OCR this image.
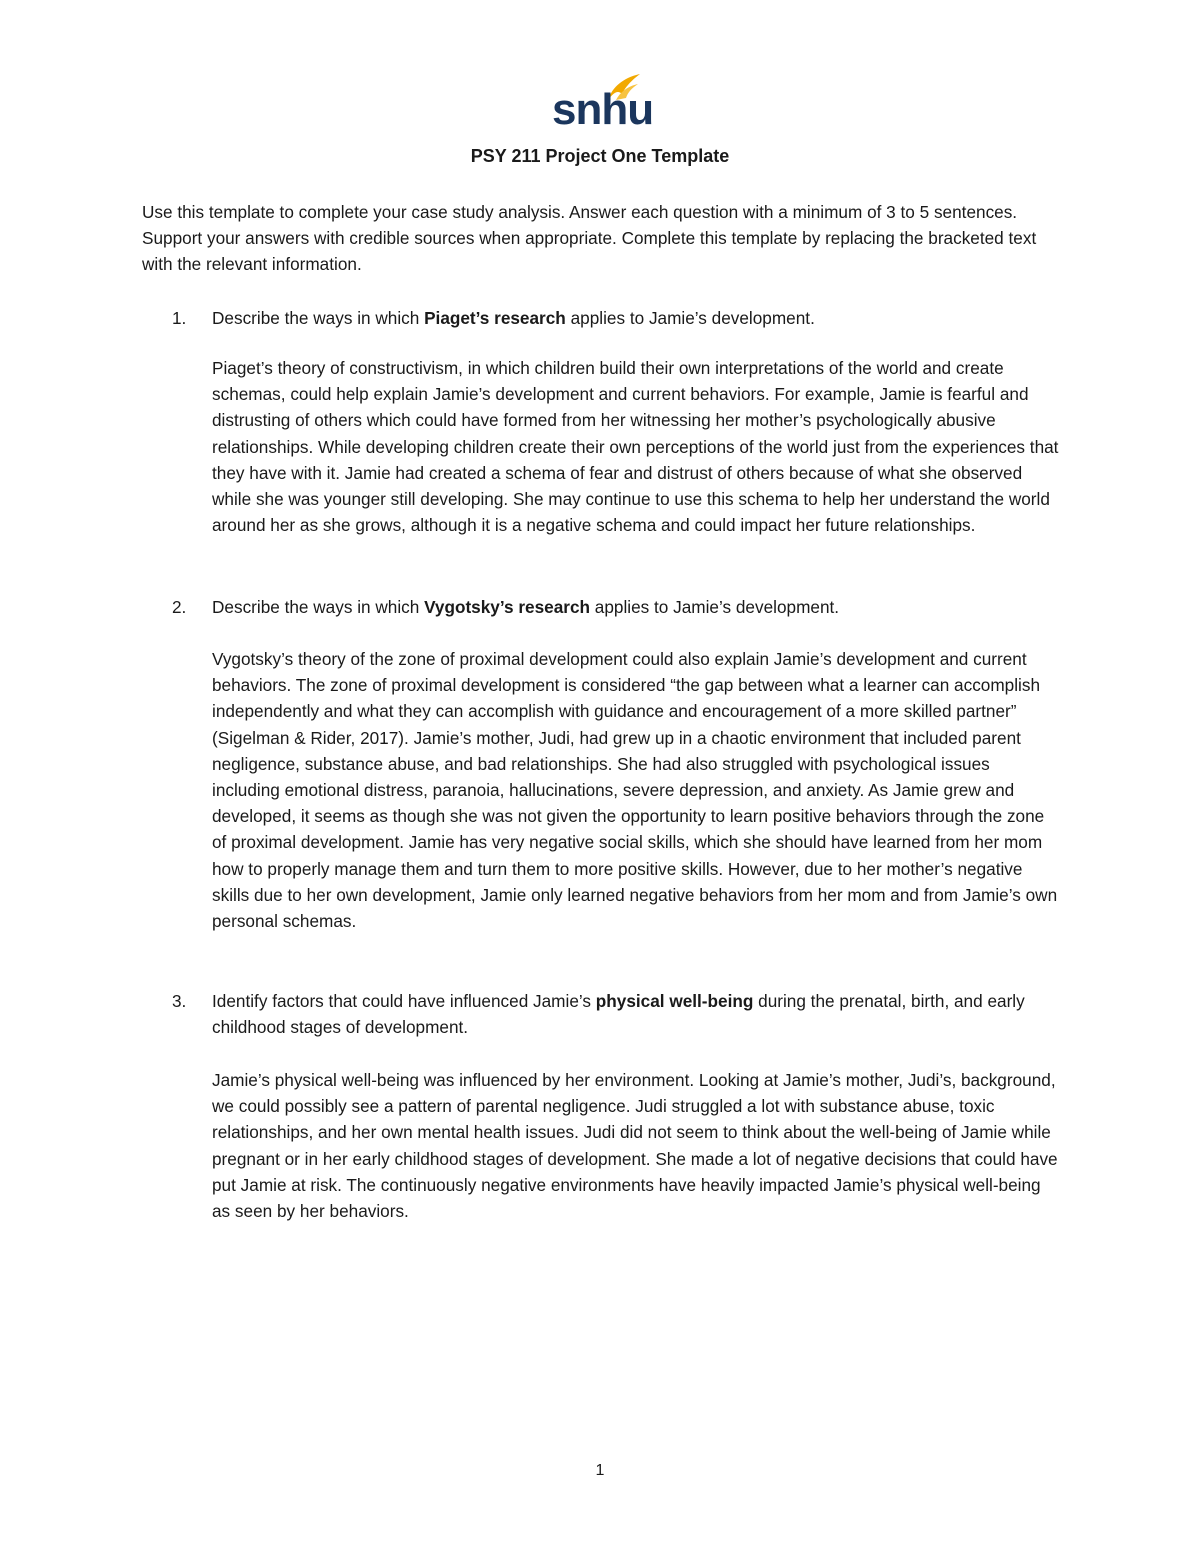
snhu
PSY 211 Project One Template

Use this template to complete your case study analysis. Answer each question with a minimum of 3 to 5 sentences. Support your answers with credible sources when appropriate. Complete this template by replacing the bracketed text with the relevant information.

1.	Describe the ways in which Piaget’s research applies to Jamie’s development.

Piaget’s theory of constructivism, in which children build their own interpretations of the world and create schemas, could help explain Jamie’s development and current behaviors. For example, Jamie is fearful and distrusting of others which could have formed from her witnessing her mother’s psychologically abusive relationships. While developing children create their own perceptions of the world just from the experiences that they have with it. Jamie had created a schema of fear and distrust of others because of what she observed while she was younger still developing. She may continue to use this schema to help her understand the world around her as she grows, although it is a negative schema and could impact her future relationships.

2.	Describe the ways in which Vygotsky’s research applies to Jamie’s development.

Vygotsky’s theory of the zone of proximal development could also explain Jamie’s development and current behaviors. The zone of proximal development is considered “the gap between what a learner can accomplish independently and what they can accomplish with guidance and encouragement of a more skilled partner” (Sigelman & Rider, 2017). Jamie’s mother, Judi, had grew up in a chaotic environment that included parent negligence, substance abuse, and bad relationships. She had also struggled with psychological issues including emotional distress, paranoia, hallucinations, severe depression, and anxiety. As Jamie grew and developed, it seems as though she was not given the opportunity to learn positive behaviors through the zone of proximal development. Jamie has very negative social skills, which she should have learned from her mom how to properly manage them and turn them to more positive skills. However, due to her mother’s negative skills due to her own development, Jamie only learned negative behaviors from her mom and from Jamie’s own personal schemas.

3.	Identify factors that could have influenced Jamie’s physical well-being during the prenatal, birth, and early childhood stages of development.

Jamie’s physical well-being was influenced by her environment. Looking at Jamie’s mother, Judi’s, background, we could possibly see a pattern of parental negligence. Judi struggled a lot with substance abuse, toxic relationships, and her own mental health issues. Judi did not seem to think about the well-being of Jamie while pregnant or in her early childhood stages of development. She made a lot of negative decisions that could have put Jamie at risk. The continuously negative environments have heavily impacted Jamie’s physical well-being as seen by her behaviors.

1
